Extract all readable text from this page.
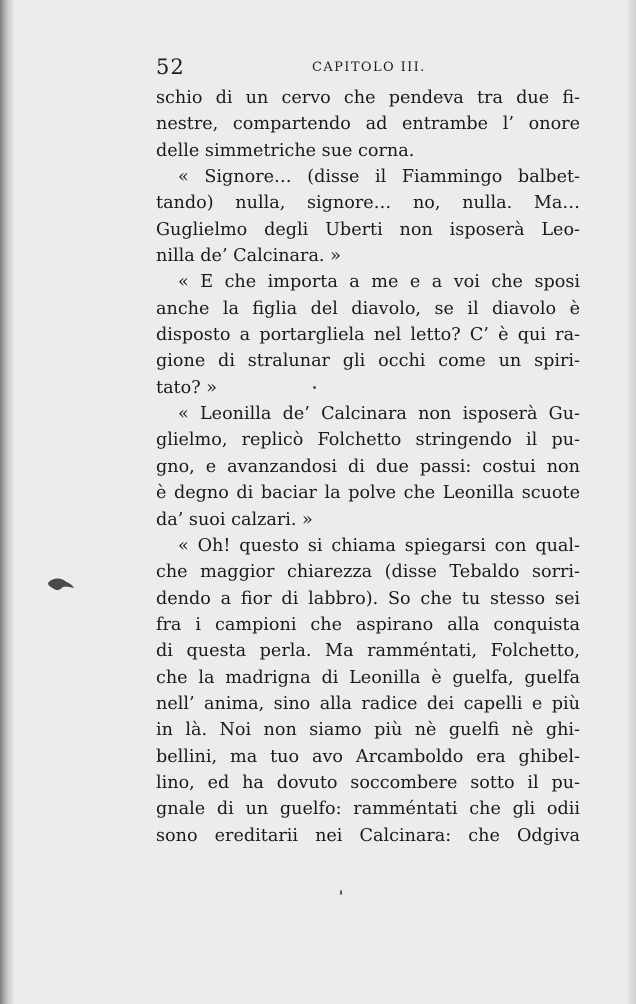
52	CAPITOLO III.
schio di un cervo che pendeva tra due fi-
nestre, compartendo ad entrambe l’ onore
delle simmetriche sue corna.
« Signore… (disse il Fiammingo balbet-
tando) nulla, signore… no, nulla. Ma…
Guglielmo degli Uberti non isposerà Leo-
nilla de’ Calcinara. »
« E che importa a me e a voi che sposi
anche la figlia del diavolo, se il diavolo è
disposto a portargliela nel letto? C’ è qui ra-
gione di stralunar gli occhi come un spiri-
tato? »
« Leonilla de’ Calcinara non isposerà Gu-
glielmo, replicò Folchetto stringendo il pu-
gno, e avanzandosi di due passi: costui non
è degno di baciar la polve che Leonilla scuote
da’ suoi calzari. »
« Oh! questo si chiama spiegarsi con qual-
che maggior chiarezza (disse Tebaldo sorri-
dendo a fior di labbro). So che tu stesso sei
fra i campioni che aspirano alla conquista
di questa perla. Ma ramméntati, Folchetto,
che la madrigna di Leonilla è guelfa, guelfa
nell’ anima, sino alla radice dei capelli e più
in là. Noi non siamo più nè guelfi nè ghi-
bellini, ma tuo avo Arcamboldo era ghibel-
lino, ed ha dovuto soccombere sotto il pu-
gnale di un guelfo: ramméntati che gli odii
sono ereditarii nei Calcinara: che Odgiva
